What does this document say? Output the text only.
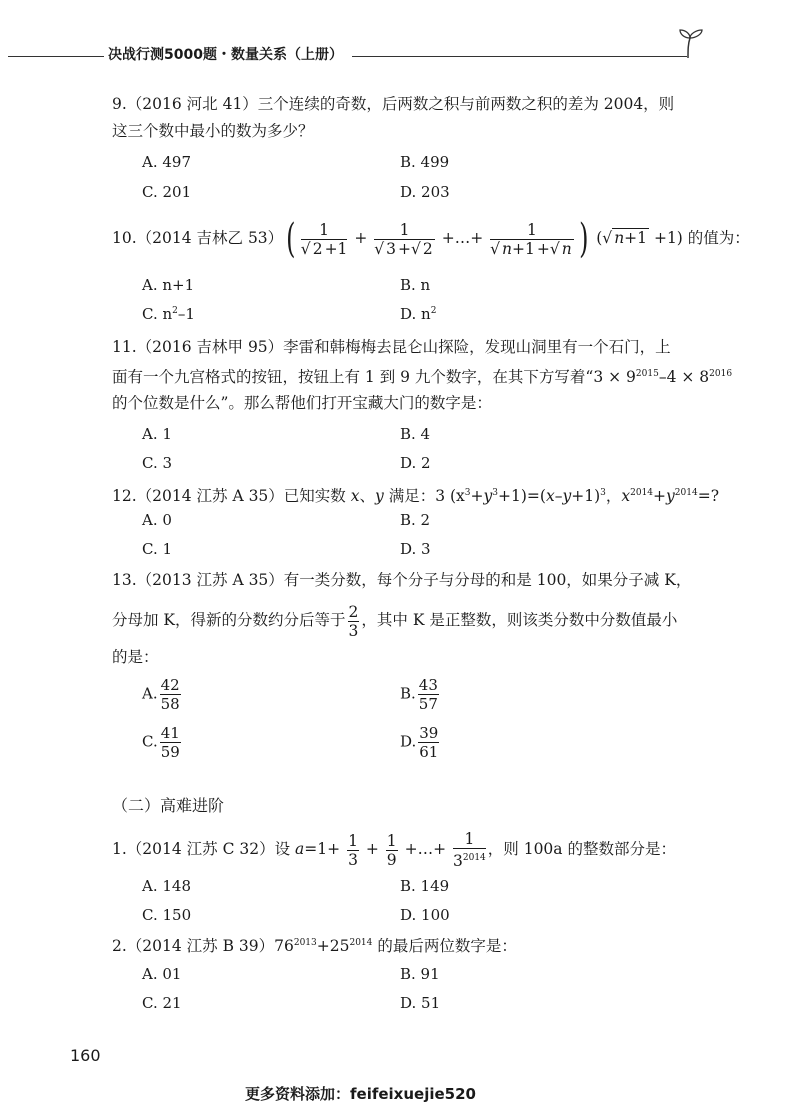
决战行测5000题・数量关系（上册）
9.（2016 河北 41）三个连续的奇数，后两数之积与前两数之积的差为 2004，则
这三个数中最小的数为多少？
A. 497	B. 499
C. 201	D. 203
10.（2014 吉林乙 $53)( \frac{1}{√ 2 +1} + \frac{1}{√ 3 +√ 2}$ +…+ $\frac{1}{√ n+1 +√ n}$ ) (√ n+1 +1) 的值为：
A. n+1	B. n
C. $n^2-1$	D. $n^2$
11.（2016 吉林甲 95）李雷和韩梅梅去昆仑山探险，发现山洞里有一个石门，上
面有一个九宫格式的按钮，按钮上有 1 到 9 九个数字，在其下方写着“$3 \times 9^{2015}-4 \times 8^{2016}$
的个位数是什么”。那么帮他们打开宝藏大门的数字是：
A. 1	B. 4
C. 3	D. 2
12.（2014 江苏 A 35）已知实数 x、y 满足：3 $(x^3+y^3+1)=(x-y+1)^3$，$x^{2014}+y^{2014}=$?
A. 0	B. 2
C. 1	D. 3
13.（2013 江苏 A 35）有一类分数，每个分子与分母的和是 100，如果分子减 K，
分母加 K，得新的分数约分后等于 $\frac{2}{3}$ ，其中 K 是正整数，则该类分数中分数值最小
的是：
A. $\frac{42}{58}$	B. $\frac{43}{57}$
C. $\frac{41}{59}$	D. $\frac{39}{61}$
（二）高难进阶
1.（2014 江苏 C 32）设 $a=1+ \frac{1}{3} + \frac{1}{9}$ +…+ $\frac{1}{3^{2014}}$ ，则 100a 的整数部分是：
A. 148	B. 149
C. 150	D. 100
2.（2014 江苏 B $39)76^{2013}+25^{2014}$ 的最后两位数字是：
A. 01	B. 91
C. 21	D. 51
160
更多资料添加：feifeixuejie520
